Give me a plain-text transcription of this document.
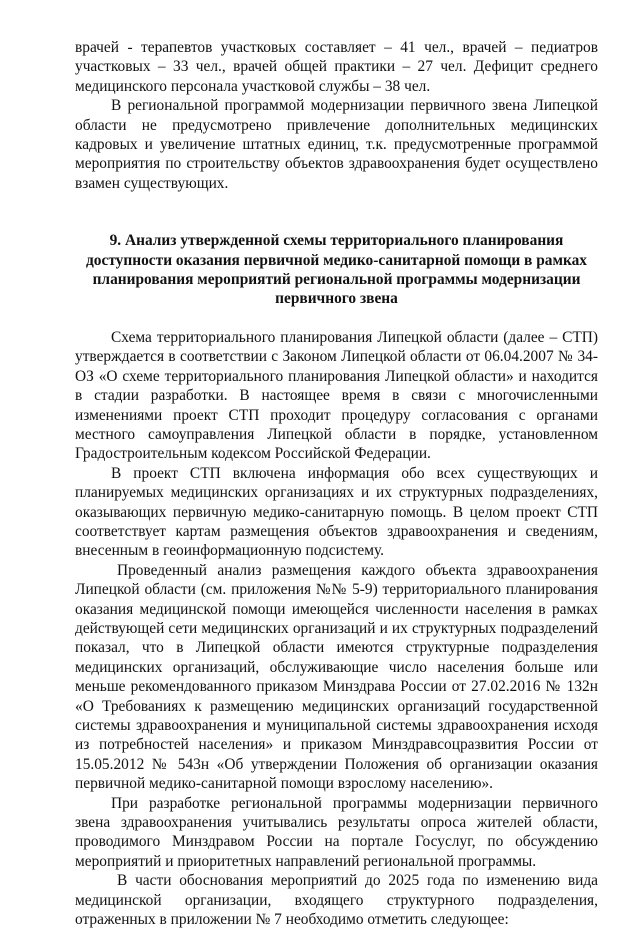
врачей - терапевтов участковых составляет – 41 чел., врачей – педиатров участковых – 33 чел., врачей общей практики – 27 чел. Дефицит среднего медицинского персонала участковой службы – 38 чел.

В региональной программой модернизации первичного звена Липецкой области не предусмотрено привлечение дополнительных медицинских кадровых и увеличение штатных единиц, т.к. предусмотренные программой мероприятия по строительству объектов здравоохранения будет осуществлено взамен существующих.

9. Анализ утвержденной схемы территориального планирования доступности оказания первичной медико-санитарной помощи в рамках планирования мероприятий региональной программы модернизации первичного звена

Схема территориального планирования Липецкой области (далее – СТП) утверждается в соответствии с Законом Липецкой области от 06.04.2007 № 34-ОЗ «О схеме территориального планирования Липецкой области» и находится в стадии разработки. В настоящее время в связи с многочисленными изменениями проект СТП проходит процедуру согласования с органами местного самоуправления Липецкой области в порядке, установленном Градостроительным кодексом Российской Федерации.

В проект СТП включена информация обо всех существующих и планируемых медицинских организациях и их структурных подразделениях, оказывающих первичную медико-санитарную помощь. В целом проект СТП соответствует картам размещения объектов здравоохранения и сведениям, внесенным в геоинформационную подсистему.

Проведенный анализ размещения каждого объекта здравоохранения Липецкой области (см. приложения №№ 5-9) территориального планирования оказания медицинской помощи имеющейся численности населения в рамках действующей сети медицинских организаций и их структурных подразделений показал, что в Липецкой области имеются структурные подразделения медицинских организаций, обслуживающие число населения больше или меньше рекомендованного приказом Минздрава России от 27.02.2016 № 132н «О Требованиях к размещению медицинских организаций государственной системы здравоохранения и муниципальной системы здравоохранения исходя из потребностей населения» и приказом Минздравсоцразвития России от 15.05.2012 № 543н «Об утверждении Положения об организации оказания первичной медико-санитарной помощи взрослому населению».

При разработке региональной программы модернизации первичного звена здравоохранения учитывались результаты опроса жителей области, проводимого Минздравом России на портале Госуслуг, по обсуждению мероприятий и приоритетных направлений региональной программы.

В части обоснования мероприятий до 2025 года по изменению вида медицинской организации, входящего структурного подразделения, отраженных в приложении № 7 необходимо отметить следующее:
